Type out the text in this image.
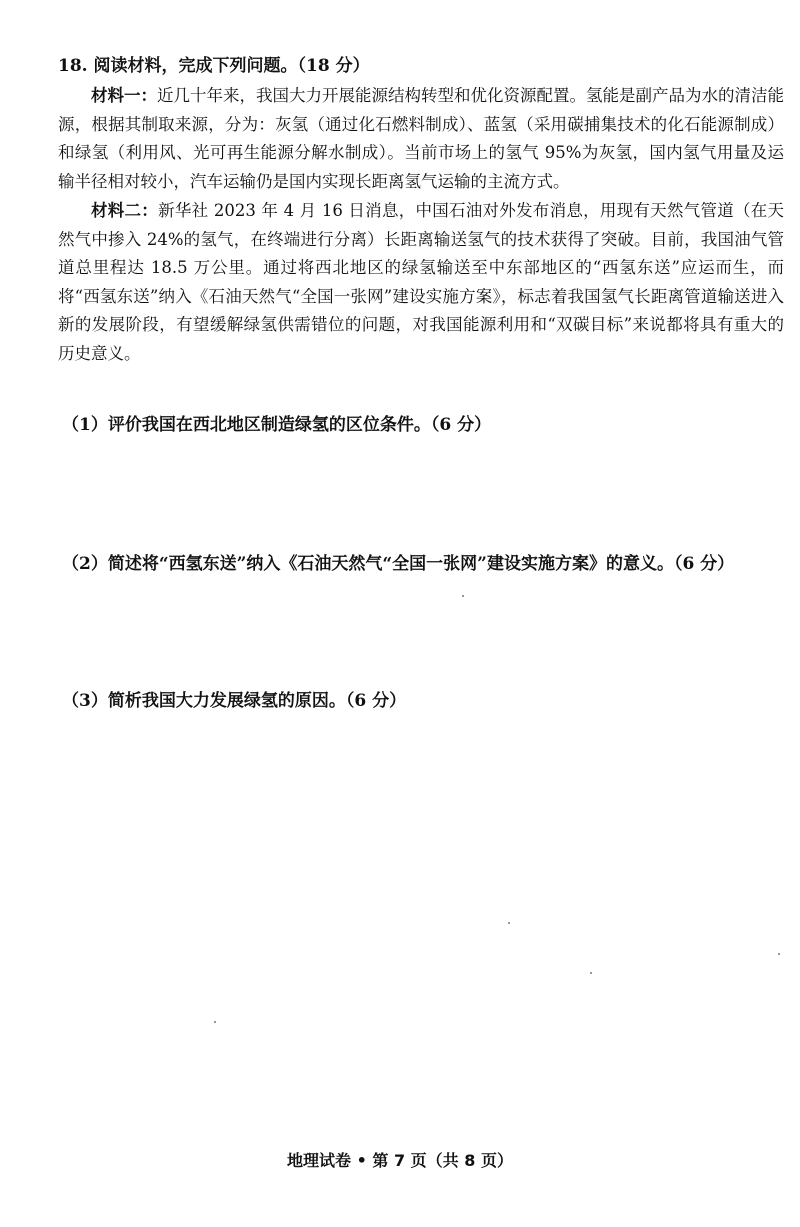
18. 阅读材料，完成下列问题。（18 分）

材料一：近几十年来，我国大力开展能源结构转型和优化资源配置。氢能是副产品为水的清洁能源，根据其制取来源，分为：灰氢（通过化石燃料制成）、蓝氢（采用碳捕集技术的化石能源制成）和绿氢（利用风、光可再生能源分解水制成）。当前市场上的氢气 95%为灰氢，国内氢气用量及运输半径相对较小，汽车运输仍是国内实现长距离氢气运输的主流方式。

材料二：新华社 2023 年 4 月 16 日消息，中国石油对外发布消息，用现有天然气管道（在天然气中掺入 24%的氢气，在终端进行分离）长距离输送氢气的技术获得了突破。目前，我国油气管道总里程达 18.5 万公里。通过将西北地区的绿氢输送至中东部地区的“西氢东送”应运而生，而将“西氢东送”纳入《石油天然气“全国一张网”建设实施方案》，标志着我国氢气长距离管道输送进入新的发展阶段，有望缓解绿氢供需错位的问题，对我国能源利用和“双碳目标”来说都将具有重大的历史意义。

（1）评价我国在西北地区制造绿氢的区位条件。（6 分）

（2）简述将“西氢东送”纳入《石油天然气“全国一张网”建设实施方案》的意义。（6 分）

（3）简析我国大力发展绿氢的原因。（6 分）

地理试卷 • 第 7 页（共 8 页）
